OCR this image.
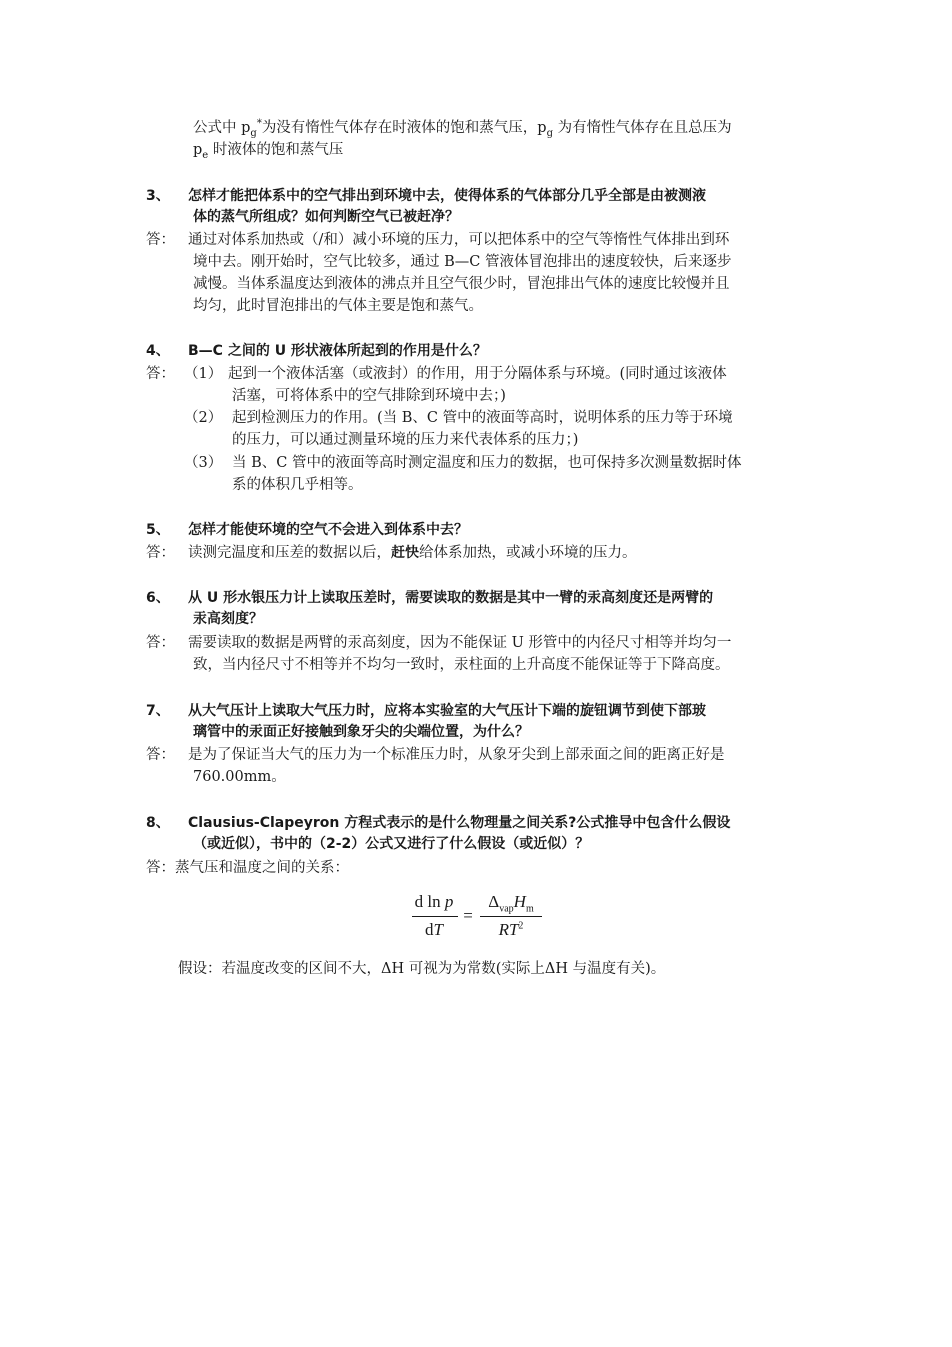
公式中 $p_g^*$为没有惰性气体存在时液体的饱和蒸气压，$p_g$ 为有惰性气体存在且总压为
$p_e$ 时液体的饱和蒸气压
3、 怎样才能把体系中的空气排出到环境中去，使得体系的气体部分几乎全部是由被测液
体的蒸气所组成？如何判断空气已被赶净？
答： 通过对体系加热或（/和）减小环境的压力，可以把体系中的空气等惰性气体排出到环
境中去。刚开始时，空气比较多，通过 B—C 管液体冒泡排出的速度较快，后来逐步
减慢。当体系温度达到液体的沸点并且空气很少时，冒泡排出气体的速度比较慢并且
均匀，此时冒泡排出的气体主要是饱和蒸气。
4、 B—C 之间的 U 形状液体所起到的作用是什么？
答： （1） 起到一个液体活塞（或液封）的作用，用于分隔体系与环境。(同时通过该液体
活塞，可将体系中的空气排除到环境中去；)
（2） 起到检测压力的作用。(当 B、C 管中的液面等高时，说明体系的压力等于环境
的压力，可以通过测量环境的压力来代表体系的压力；)
（3） 当 B、C 管中的液面等高时测定温度和压力的数据，也可保持多次测量数据时体
系的体积几乎相等。
5、 怎样才能使环境的空气不会进入到体系中去？
答： 读测完温度和压差的数据以后，赶快给体系加热，或减小环境的压力。
6、 从 U 形水银压力计上读取压差时，需要读取的数据是其中一臂的汞高刻度还是两臂的
汞高刻度？
答： 需要读取的数据是两臂的汞高刻度，因为不能保证 U 形管中的内径尺寸相等并均匀一
致，当内径尺寸不相等并不均匀一致时，汞柱面的上升高度不能保证等于下降高度。
7、 从大气压计上读取大气压力时，应将本实验室的大气压计下端的旋钮调节到使下部玻
璃管中的汞面正好接触到象牙尖的尖端位置，为什么？
答： 是为了保证当大气的压力为一个标准压力时，从象牙尖到上部汞面之间的距离正好是
760.00mm。
8、 Clausius-Clapeyron 方程式表示的是什么物理量之间关系?公式推导中包含什么假设
（或近似），书中的（2-2）公式又进行了什么假设（或近似）？
答：蒸气压和温度之间的关系：
d ln p
dT
=
$\Delta_{vap}H_m$
$RT^2$
假设：若温度改变的区间不大，ΔH 可视为为常数(实际上ΔH 与温度有关)。
